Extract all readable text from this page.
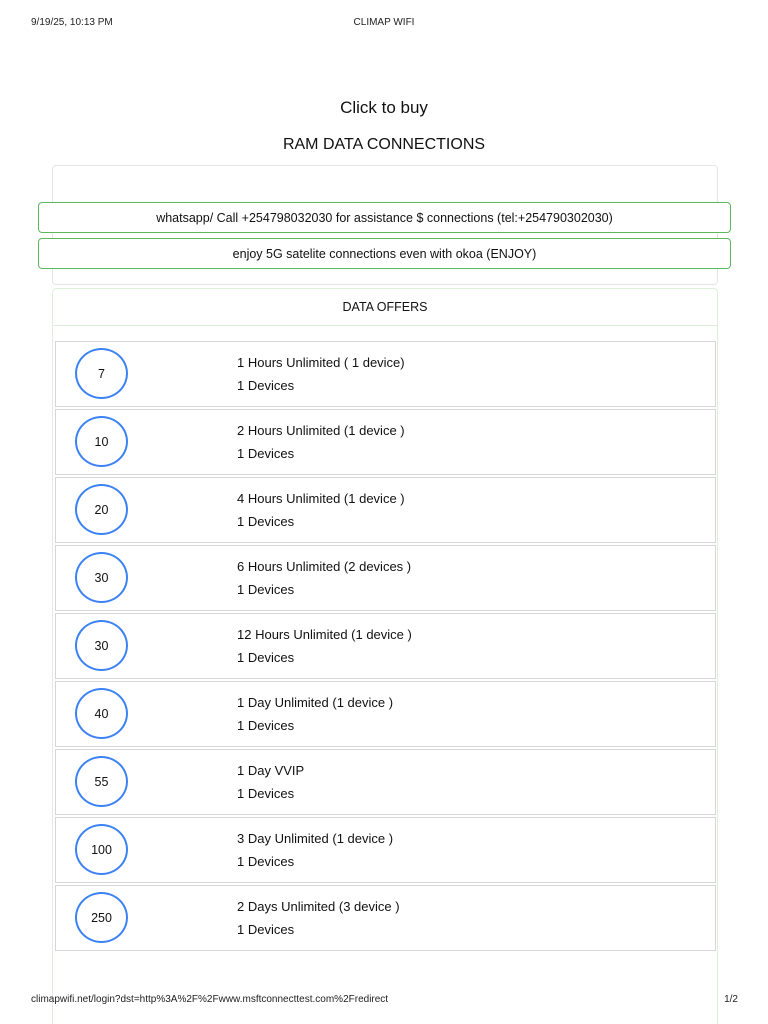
9/19/25, 10:13 PM	CLIMAP WIFI
Click to buy
RAM DATA CONNECTIONS
whatsapp/ Call +254798032030 for assistance $ connections (tel:+254790302030)
enjoy 5G satelite connections even with okoa (ENJOY)
DATA OFFERS
7
1 Hours Unlimited ( 1 device)
1 Devices
10
2 Hours Unlimited (1 device )
1 Devices
20
4 Hours Unlimited (1 device )
1 Devices
30
6 Hours Unlimited (2 devices )
1 Devices
30
12 Hours Unlimited (1 device )
1 Devices
40
1 Day Unlimited (1 device )
1 Devices
55
1 Day VVIP
1 Devices
100
3 Day Unlimited (1 device )
1 Devices
250
2 Days Unlimited (3 device )
1 Devices
climapwifi.net/login?dst=http%3A%2F%2Fwww.msftconnecttest.com%2Fredirect	1/2
